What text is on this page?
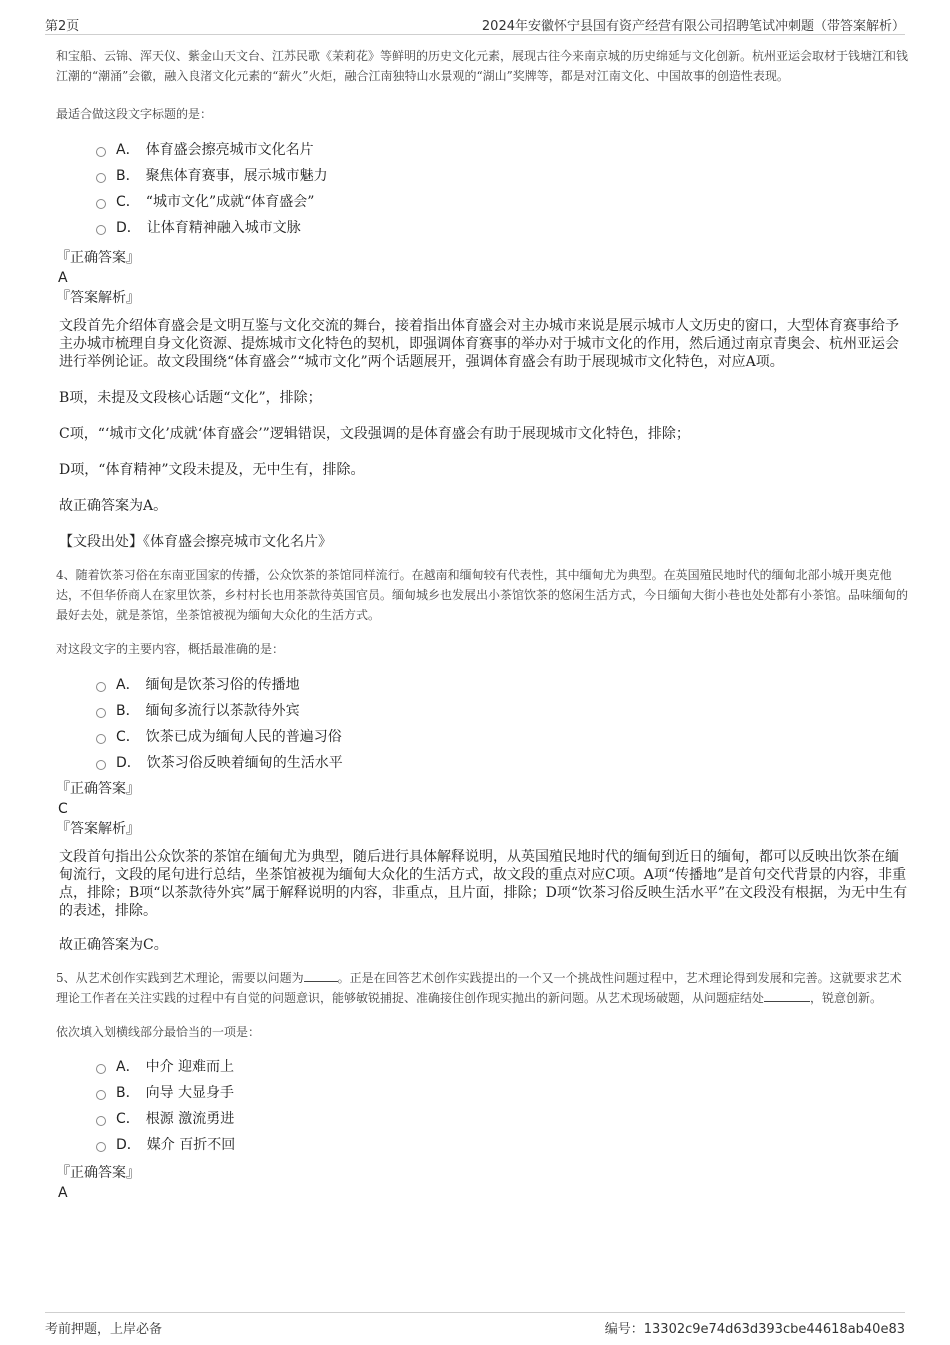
第2页	2024年安徽怀宁县国有资产经营有限公司招聘笔试冲刺题（带答案解析）

和宝船、云锦、浑天仪、紫金山天文台、江苏民歌《茉莉花》等鲜明的历史文化元素，展现古往今来南京城的历史绵延与文化创新。杭州亚运会取材于钱塘江和钱江潮的“潮涌”会徽，融入良渚文化元素的“薪火”火炬，融合江南独特山水景观的“湖山”奖牌等，都是对江南文化、中国故事的创造性表现。

最适合做这段文字标题的是：

A． 体育盛会擦亮城市文化名片
B． 聚焦体育赛事，展示城市魅力
C． “城市文化”成就“体育盛会”
D． 让体育精神融入城市文脉

『正确答案』

A

『答案解析』

文段首先介绍体育盛会是文明互鉴与文化交流的舞台，接着指出体育盛会对主办城市来说是展示城市人文历史的窗口，大型体育赛事给予主办城市梳理自身文化资源、提炼城市文化特色的契机，即强调体育赛事的举办对于城市文化的作用，然后通过南京青奥会、杭州亚运会进行举例论证。故文段围绕“体育盛会”“城市文化”两个话题展开，强调体育盛会有助于展现城市文化特色，对应A项。

B项，未提及文段核心话题“文化”，排除；

C项，“‘城市文化’成就‘体育盛会’”逻辑错误，文段强调的是体育盛会有助于展现城市文化特色，排除；

D项，“体育精神”文段未提及，无中生有，排除。

故正确答案为A。

【文段出处】《体育盛会擦亮城市文化名片》

4、随着饮茶习俗在东南亚国家的传播，公众饮茶的茶馆同样流行。在越南和缅甸较有代表性，其中缅甸尤为典型。在英国殖民地时代的缅甸北部小城开奥克他达，不但华侨商人在家里饮茶，乡村村长也用茶款待英国官员。缅甸城乡也发展出小茶馆饮茶的悠闲生活方式，今日缅甸大街小巷也处处都有小茶馆。品味缅甸的最好去处，就是茶馆，坐茶馆被视为缅甸大众化的生活方式。

对这段文字的主要内容，概括最准确的是：

A． 缅甸是饮茶习俗的传播地
B． 缅甸多流行以茶款待外宾
C． 饮茶已成为缅甸人民的普遍习俗
D． 饮茶习俗反映着缅甸的生活水平

『正确答案』

C

『答案解析』

文段首句指出公众饮茶的茶馆在缅甸尤为典型，随后进行具体解释说明，从英国殖民地时代的缅甸到近日的缅甸，都可以反映出饮茶在缅甸流行，文段的尾句进行总结，坐茶馆被视为缅甸大众化的生活方式，故文段的重点对应C项。A项“传播地”是首句交代背景的内容，非重点，排除；B项“以茶款待外宾”属于解释说明的内容，非重点，且片面，排除；D项“饮茶习俗反映生活水平”在文段没有根据，为无中生有的表述，排除。

故正确答案为C。

5、从艺术创作实践到艺术理论，需要以问题为	。正是在回答艺术创作实践提出的一个又一个挑战性问题过程中，艺术理论得到发展和完善。这就要求艺术理论工作者在关注实践的过程中有自觉的问题意识，能够敏锐捕捉、准确接住创作现实抛出的新问题。从艺术现场破题，从问题症结处	，锐意创新。

依次填入划横线部分最恰当的一项是：

A． 中介 迎难而上
B． 向导 大显身手
C． 根源 激流勇进
D． 媒介 百折不回

『正确答案』

A

考前押题，上岸必备	编号：13302c9e74d63d393cbe44618ab40e83
